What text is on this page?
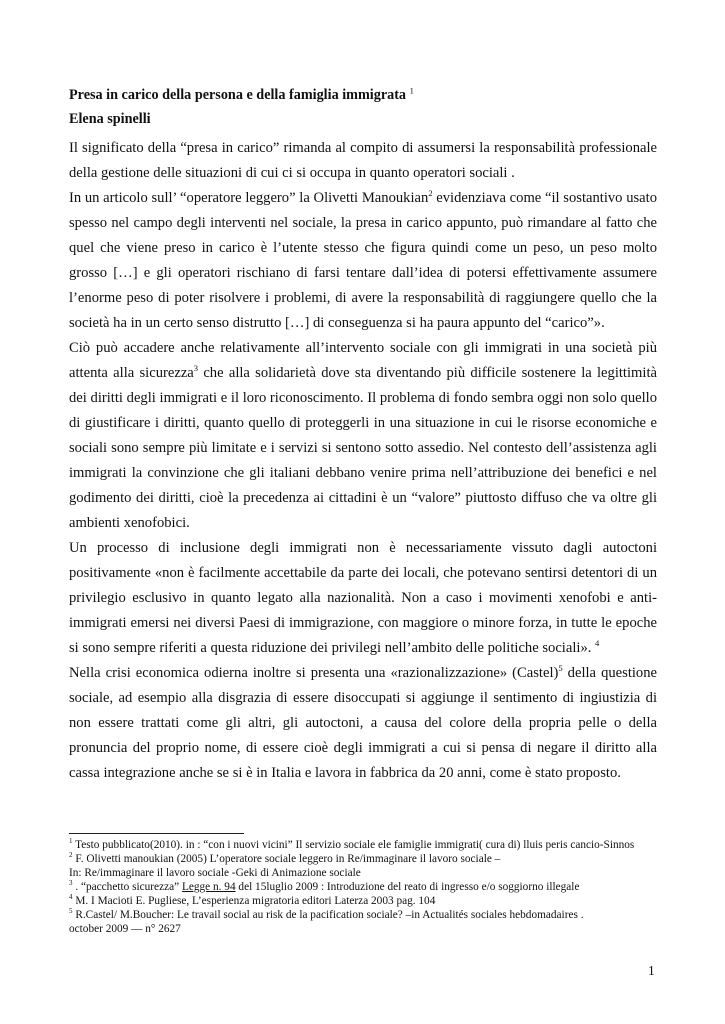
Presa in carico della persona e della famiglia immigrata $^1$
Elena spinelli

Il significato della “presa in carico” rimanda al compito di assumersi la responsabilità professionale della gestione delle situazioni di cui ci si occupa in quanto operatori sociali .

In un articolo sull’ “operatore leggero” la Olivetti Manoukian$^2$ evidenziava come “il sostantivo usato spesso nel campo degli interventi nel sociale, la presa in carico appunto, può rimandare al fatto che quel che viene preso in carico è l’utente stesso che figura quindi come un peso, un peso molto grosso […] e gli operatori rischiano di farsi tentare dall’idea di potersi effettivamente assumere l’enorme peso di poter risolvere i problemi, di avere la responsabilità di raggiungere quello che la società ha in un certo senso distrutto […] di conseguenza si ha paura appunto del “carico”».

Ciò può accadere anche relativamente all’intervento sociale con gli immigrati in una società più attenta alla sicurezza$^3$ che alla solidarietà dove sta diventando più difficile sostenere la legittimità dei diritti degli immigrati e il loro riconoscimento. Il problema di fondo sembra oggi non solo quello di giustificare i diritti, quanto quello di proteggerli in una situazione in cui le risorse economiche e sociali sono sempre più limitate e i servizi si sentono sotto assedio. Nel contesto dell’assistenza agli immigrati la convinzione che gli italiani debbano venire prima nell’attribuzione dei benefici e nel godimento dei diritti, cioè la precedenza ai cittadini è un “valore” piuttosto diffuso che va oltre gli ambienti xenofobici.

Un processo di inclusione degli immigrati non è necessariamente vissuto dagli autoctoni positivamente «non è facilmente accettabile da parte dei locali, che potevano sentirsi detentori di un privilegio esclusivo in quanto legato alla nazionalità. Non a caso i movimenti xenofobi e anti-immigrati emersi nei diversi Paesi di immigrazione, con maggiore o minore forza, in tutte le epoche si sono sempre riferiti a questa riduzione dei privilegi nell’ambito delle politiche sociali». $^4$

Nella crisi economica odierna inoltre si presenta una «razionalizzazione» (Castel)$^5$ della questione sociale, ad esempio alla disgrazia di essere disoccupati si aggiunge il sentimento di ingiustizia di non essere trattati come gli altri, gli autoctoni, a causa del colore della propria pelle o della pronuncia del proprio nome, di essere cioè degli immigrati a cui si pensa di negare il diritto alla cassa integrazione anche se si è in Italia e lavora in fabbrica da 20 anni, come è stato proposto.

$^1$ Testo pubblicato(2010). in : “con i nuovi vicini” Il servizio sociale ele famiglie immigrati( cura di) lluis peris cancio-Sinnos

$^2$ F. Olivetti manoukian (2005) L’operatore sociale leggero in Re/immaginare il lavoro sociale –

In: Re/immaginare il lavoro sociale -Geki di Animazione sociale

$^3$ . “pacchetto sicurezza” Legge n. 94 del 15luglio 2009 : Introduzione del reato di ingresso e/o soggiorno illegale

$^4$ M. I Macioti E. Pugliese, L’esperienza migratoria editori Laterza 2003 pag. 104

$^5$ R.Castel/ M.Boucher: Le travail social au risk de la pacification sociale? –in Actualités sociales hebdomadaires .

october 2009 — n° 2627

1
